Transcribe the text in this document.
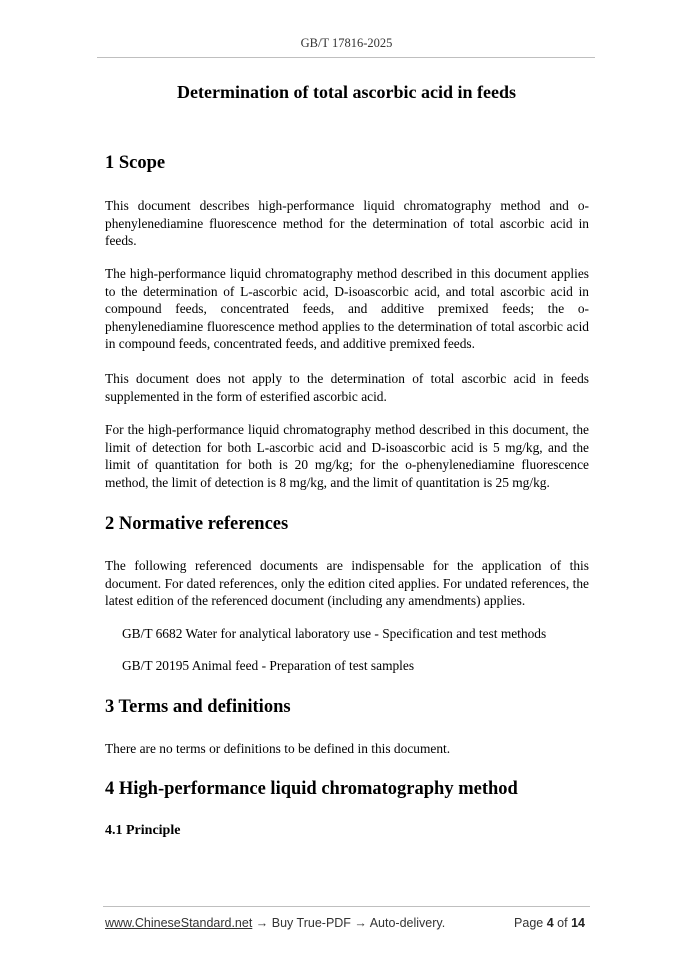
GB/T 17816-2025
Determination of total ascorbic acid in feeds
1 Scope

This document describes high-performance liquid chromatography method and o-phenylenediamine fluorescence method for the determination of total ascorbic acid in feeds.

The high-performance liquid chromatography method described in this document applies to the determination of L-ascorbic acid, D-isoascorbic acid, and total ascorbic acid in compound feeds, concentrated feeds, and additive premixed feeds; the o-phenylenediamine fluorescence method applies to the determination of total ascorbic acid in compound feeds, concentrated feeds, and additive premixed feeds.

This document does not apply to the determination of total ascorbic acid in feeds supplemented in the form of esterified ascorbic acid.

For the high-performance liquid chromatography method described in this document, the limit of detection for both L-ascorbic acid and D-isoascorbic acid is 5 mg/kg, and the limit of quantitation for both is 20 mg/kg; for the o-phenylenediamine fluorescence method, the limit of detection is 8 mg/kg, and the limit of quantitation is 25 mg/kg.

2 Normative references

The following referenced documents are indispensable for the application of this document. For dated references, only the edition cited applies. For undated references, the latest edition of the referenced document (including any amendments) applies.

GB/T 6682 Water for analytical laboratory use - Specification and test methods

GB/T 20195 Animal feed - Preparation of test samples

3 Terms and definitions

There are no terms or definitions to be defined in this document.

4 High-performance liquid chromatography method
4.1 Principle
www.ChineseStandard.net → Buy True-PDF → Auto-delivery.	Page 4 of 14
